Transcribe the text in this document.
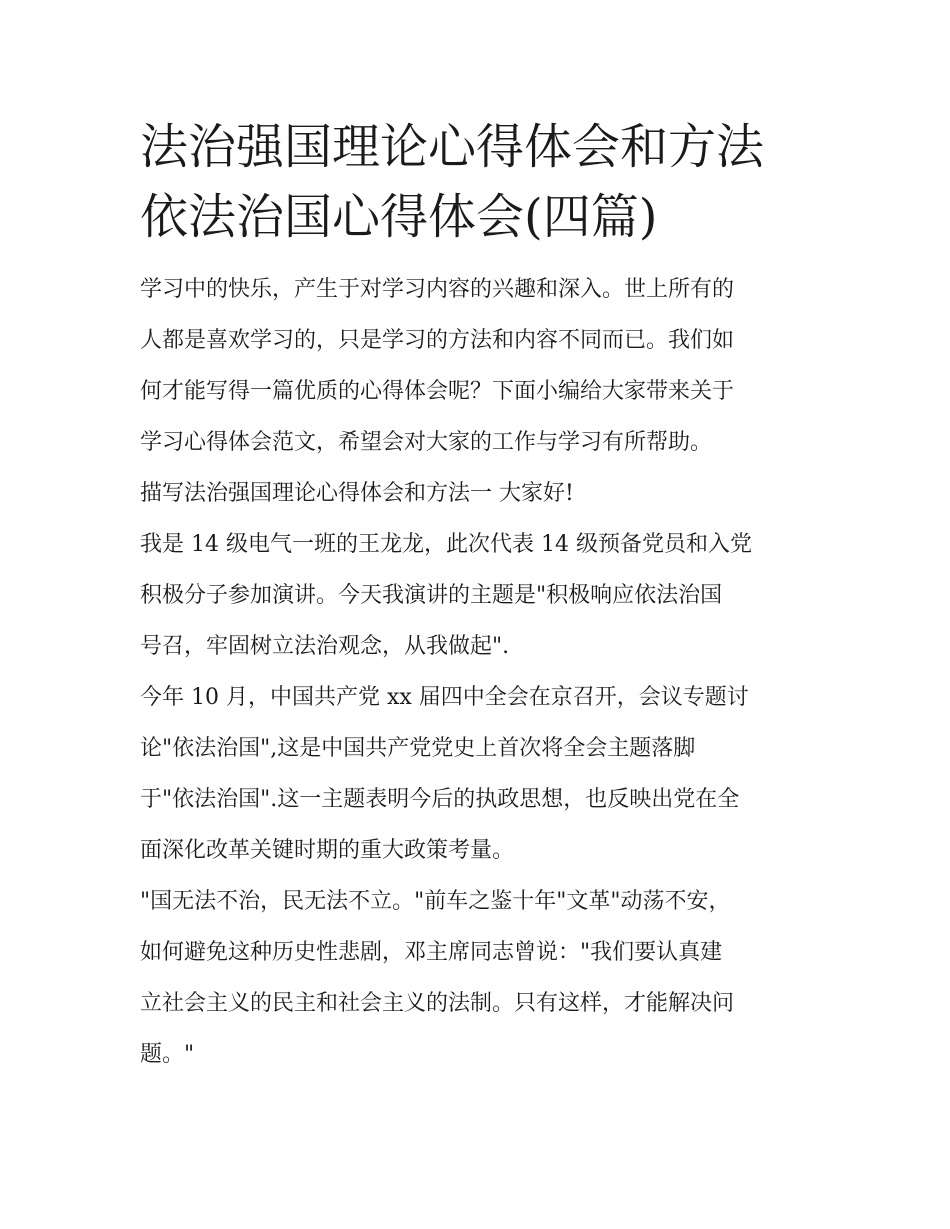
法治强国理论心得体会和方法
依法治国心得体会(四篇)

学习中的快乐，产生于对学习内容的兴趣和深入。世上所有的
人都是喜欢学习的，只是学习的方法和内容不同而已。我们如
何才能写得一篇优质的心得体会呢？下面小编给大家带来关于
学习心得体会范文，希望会对大家的工作与学习有所帮助。

描写法治强国理论心得体会和方法一 大家好!

我是 14 级电气一班的王龙龙，此次代表 14 级预备党员和入党
积极分子参加演讲。今天我演讲的主题是"积极响应依法治国
号召，牢固树立法治观念，从我做起".

今年 10 月，中国共产党 xx 届四中全会在京召开，会议专题讨
论"依法治国",这是中国共产党党史上首次将全会主题落脚
于"依法治国".这一主题表明今后的执政思想，也反映出党在全
面深化改革关键时期的重大政策考量。

"国无法不治，民无法不立。"前车之鉴十年"文革"动荡不安，
如何避免这种历史性悲剧，邓主席同志曾说："我们要认真建
立社会主义的民主和社会主义的法制。只有这样，才能解决问
题。"
